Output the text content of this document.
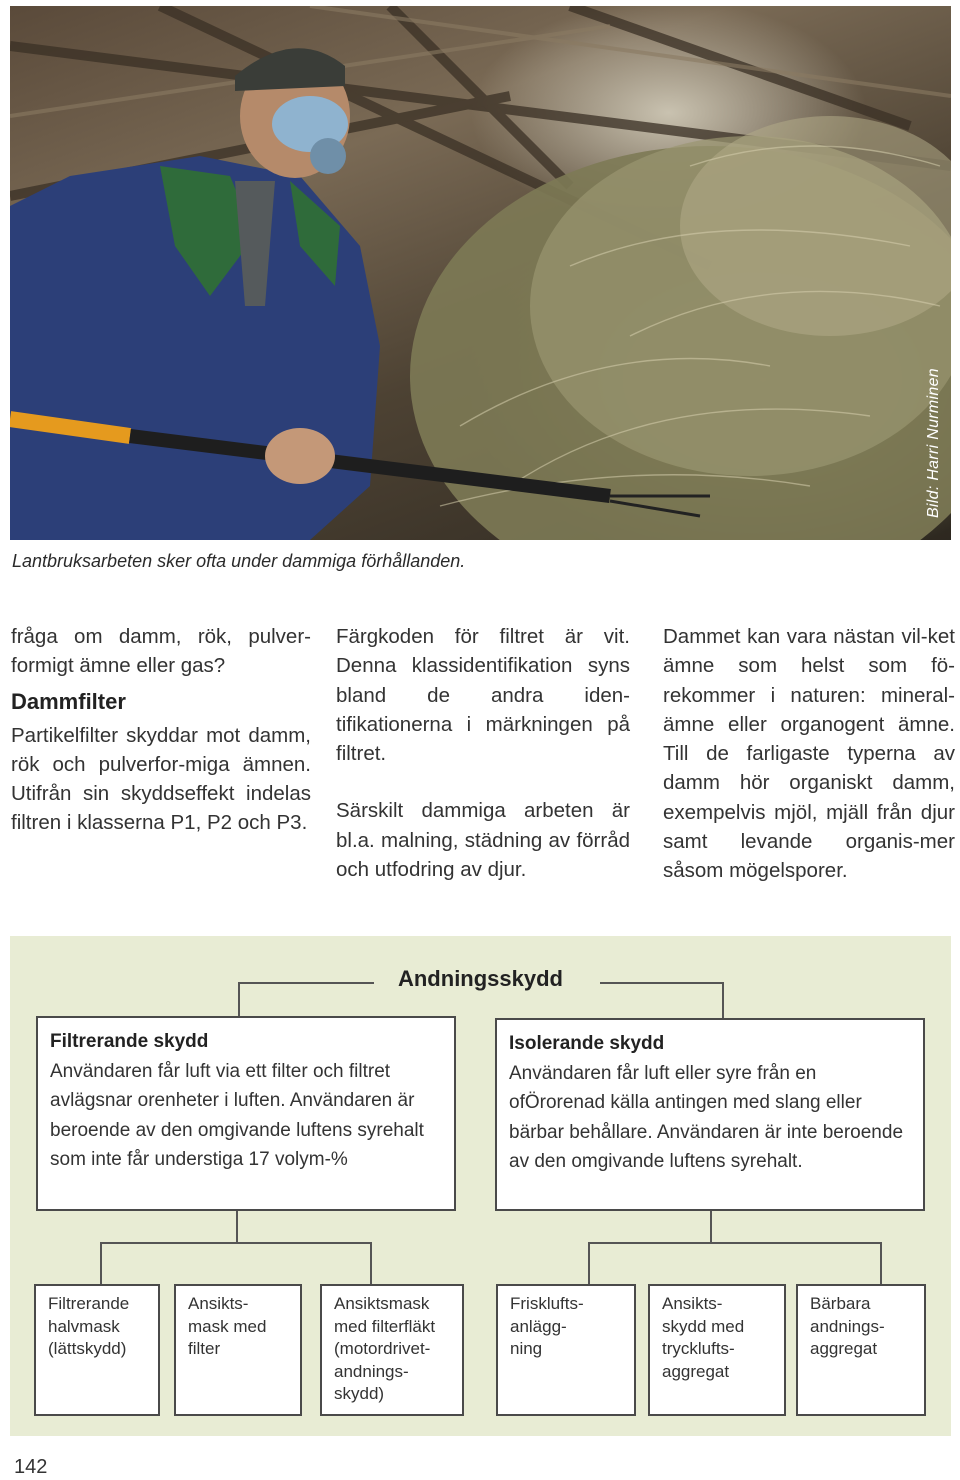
Bild: Harri Nurminen
Lantbruksarbeten sker ofta under dammiga förhållanden.

fråga om damm, rök, pulver-formigt ämne eller gas?

Dammfilter

Partikelfilter skyddar mot damm, rök och pulverfor-miga ämnen. Utifrån sin skyddseffekt indelas filtren i klasserna P1, P2 och P3.

Färgkoden för filtret är vit. Denna klassidentifikation syns bland de andra iden-tifikationerna i märkningen på filtret.

Särskilt dammiga arbeten är bl.a. malning, städning av förråd och utfodring av djur.

Dammet kan vara nästan vil-ket ämne som helst som fö-rekommer i naturen: mineral-ämne eller organogent ämne. Till de farligaste typerna av damm hör organiskt damm, exempelvis mjöl, mjäll från djur samt levande organis-mer såsom mögelsporer.

Andningsskydd
Filtrerande skydd
Användaren får luft via ett filter och filtret avlägsnar orenheter i luften. Användaren är beroende av den omgivande luftens syrehalt som inte får understiga 17 volym-%
Isolerande skydd
Användaren får luft eller syre från en ofÖrorenad källa antingen med slang eller bärbar behållare. Användaren är inte beroende av den omgivande luftens syrehalt.
Filtrerande
halvmask
(lättskydd)
Ansikts-
mask med
filter
Ansiktsmask
med filterfläkt
(motordrivet-
andnings-
skydd)
Frisklufts-
anlägg-
ning
Ansikts-
skydd med
trycklufts-
aggregat
Bärbara
andnings-
aggregat
142
